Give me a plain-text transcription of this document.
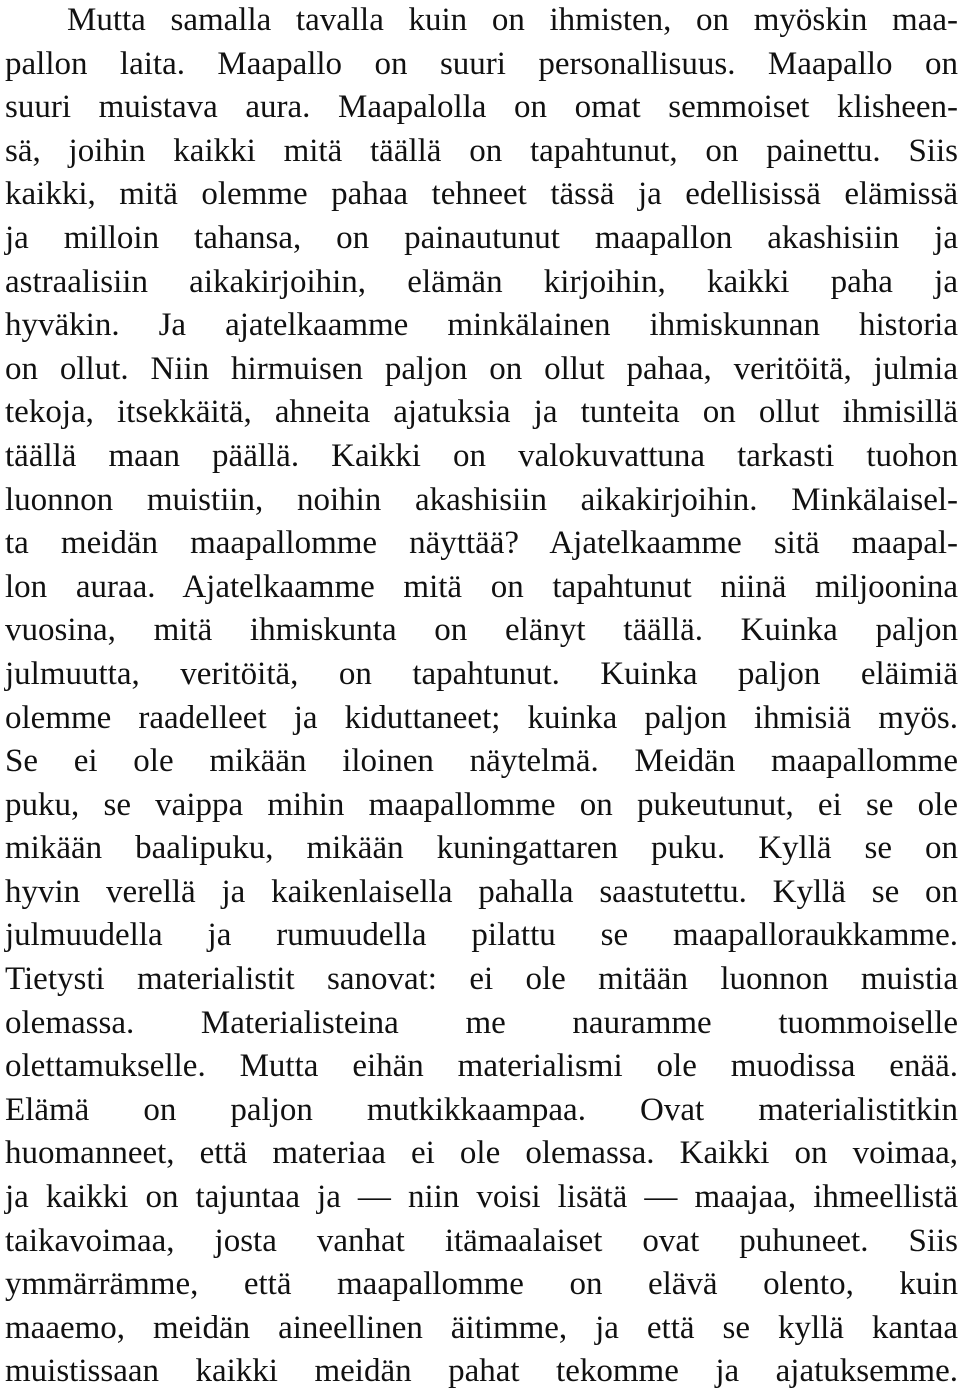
Mutta samalla tavalla kuin on ihmisten, on myöskin maa-
pallon laita. Maapallo on suuri personallisuus. Maapallo on
suuri muistava aura. Maapalolla on omat semmoiset klisheen-
sä, joihin kaikki mitä täällä on tapahtunut, on painettu. Siis
kaikki, mitä olemme pahaa tehneet tässä ja edellisissä elämissä
ja milloin tahansa, on painautunut maapallon akashisiin ja
astraalisiin aikakirjoihin, elämän kirjoihin, kaikki paha ja
hyväkin. Ja ajatelkaamme minkälainen ihmiskunnan historia
on ollut. Niin hirmuisen paljon on ollut pahaa, veritöitä, julmia
tekoja, itsekkäitä, ahneita ajatuksia ja tunteita on ollut ihmisillä
täällä maan päällä. Kaikki on valokuvattuna tarkasti tuohon
luonnon muistiin, noihin akashisiin aikakirjoihin. Minkälaisel-
ta meidän maapallomme näyttää? Ajatelkaamme sitä maapal-
lon auraa. Ajatelkaamme mitä on tapahtunut niinä miljoonina
vuosina, mitä ihmiskunta on elänyt täällä. Kuinka paljon
julmuutta, veritöitä, on tapahtunut. Kuinka paljon eläimiä
olemme raadelleet ja kiduttaneet; kuinka paljon ihmisiä myös.
Se ei ole mikään iloinen näytelmä. Meidän maapallomme
puku, se vaippa mihin maapallomme on pukeutunut, ei se ole
mikään baalipuku, mikään kuningattaren puku. Kyllä se on
hyvin verellä ja kaikenlaisella pahalla saastutettu. Kyllä se on
julmuudella ja rumuudella pilattu se maapalloraukkamme.
Tietysti materialistit sanovat: ei ole mitään luonnon muistia
olemassa. Materialisteina me nauramme tuommoiselle
olettamukselle. Mutta eihän materialismi ole muodissa enää.
Elämä on paljon mutkikkaampaa. Ovat materialistitkin
huomanneet, että materiaa ei ole olemassa. Kaikki on voimaa,
ja kaikki on tajuntaa ja — niin voisi lisätä — maajaa, ihmeellistä
taikavoimaa, josta vanhat itämaalaiset ovat puhuneet. Siis
ymmärrämme, että maapallomme on elävä olento, kuin
maaemo, meidän aineellinen äitimme, ja että se kyllä kantaa
muistissaan kaikki meidän pahat tekomme ja ajatuksemme.
